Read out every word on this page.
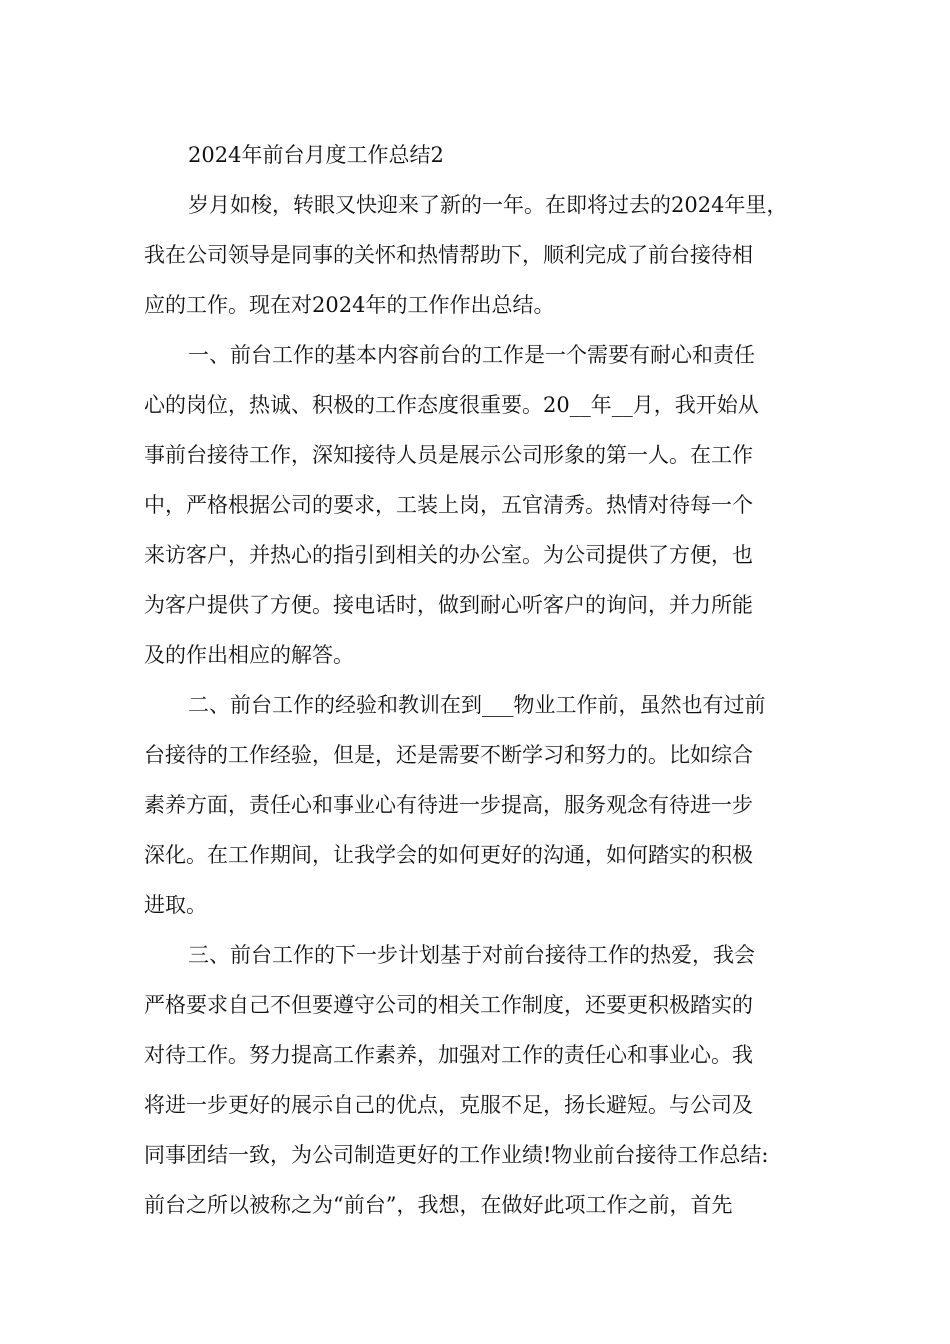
2024年前台月度工作总结2

岁月如梭，转眼又快迎来了新的一年。在即将过去的2024年里，
我在公司领导是同事的关怀和热情帮助下，顺利完成了前台接待相
应的工作。现在对2024年的工作作出总结。

一、前台工作的基本内容前台的工作是一个需要有耐心和责任
心的岗位，热诚、积极的工作态度很重要。20__年__月，我开始从
事前台接待工作，深知接待人员是展示公司形象的第一人。在工作
中，严格根据公司的要求，工装上岗，五官清秀。热情对待每一个
来访客户，并热心的指引到相关的办公室。为公司提供了方便，也
为客户提供了方便。接电话时，做到耐心听客户的询问，并力所能
及的作出相应的解答。

二、前台工作的经验和教训在到___物业工作前，虽然也有过前
台接待的工作经验，但是，还是需要不断学习和努力的。比如综合
素养方面，责任心和事业心有待进一步提高，服务观念有待进一步
深化。在工作期间，让我学会的如何更好的沟通，如何踏实的积极
进取。

三、前台工作的下一步计划基于对前台接待工作的热爱，我会
严格要求自己不但要遵守公司的相关工作制度，还要更积极踏实的
对待工作。努力提高工作素养，加强对工作的责任心和事业心。我
将进一步更好的展示自己的优点，克服不足，扬长避短。与公司及
同事团结一致，为公司制造更好的工作业绩!物业前台接待工作总结:
前台之所以被称之为“前台”，我想，在做好此项工作之前，首先
